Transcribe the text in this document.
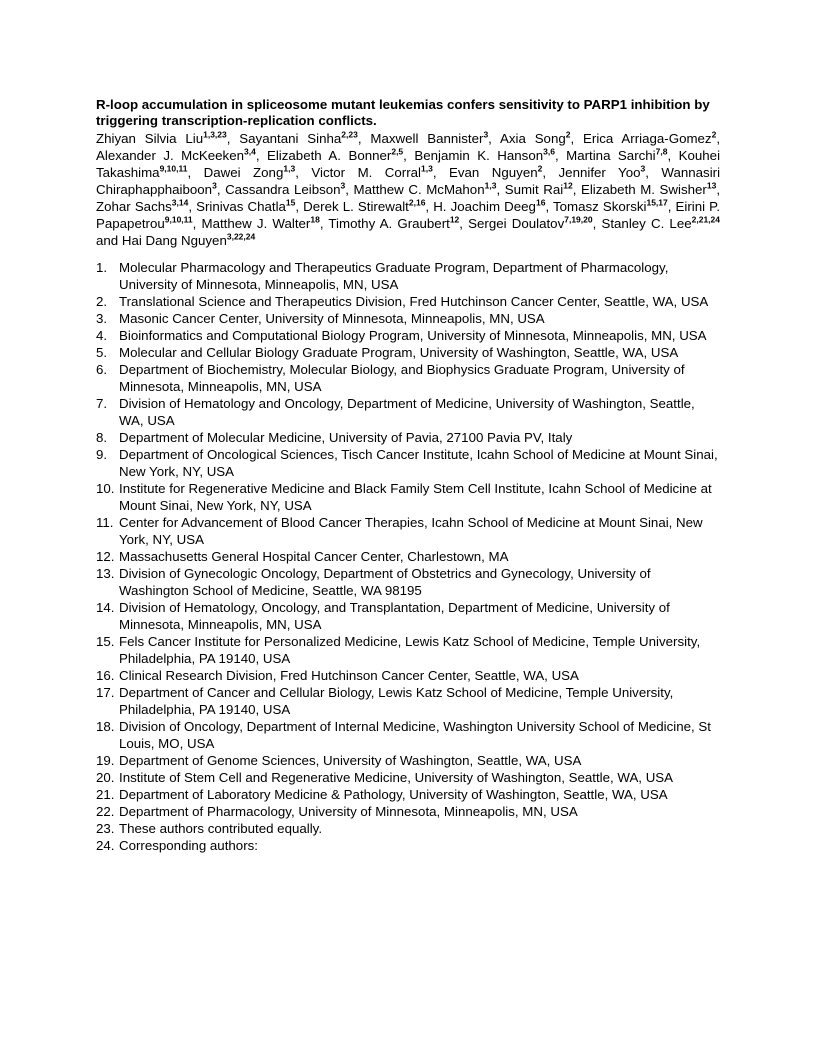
R-loop accumulation in spliceosome mutant leukemias confers sensitivity to PARP1 inhibition by triggering transcription-replication conflicts.

Zhiyan Silvia Liu$^{1,3,23}$, Sayantani Sinha$^{2,23}$, Maxwell Bannister$^3$, Axia Song$^2$, Erica Arriaga-Gomez$^2$, Alexander J. McKeeken$^{3,4}$, Elizabeth A. Bonner$^{2,5}$, Benjamin K. Hanson$^{3,6}$, Martina Sarchi$^{7,8}$, Kouhei Takashima$^{9,10,11}$, Dawei Zong$^{1,3}$, Victor M. Corral$^{1,3}$, Evan Nguyen$^2$, Jennifer Yoo$^3$, Wannasiri Chiraphapphaiboon$^3$, Cassandra Leibson$^3$, Matthew C. McMahon$^{1,3}$, Sumit Rai$^{12}$, Elizabeth M. Swisher$^{13}$, Zohar Sachs$^{3,14}$, Srinivas Chatla$^{15}$, Derek L. Stirewalt$^{2,16}$, H. Joachim Deeg$^{16}$, Tomasz Skorski$^{15,17}$, Eirini P. Papapetrou$^{9,10,11}$, Matthew J. Walter$^{18}$, Timothy A. Graubert$^{12}$, Sergei Doulatov$^{7,19,20}$, Stanley C. Lee$^{2,21,24}$ and Hai Dang Nguyen$^{3,22,24}$

1. Molecular Pharmacology and Therapeutics Graduate Program, Department of Pharmacology, University of Minnesota, Minneapolis, MN, USA
2. Translational Science and Therapeutics Division, Fred Hutchinson Cancer Center, Seattle, WA, USA
3. Masonic Cancer Center, University of Minnesota, Minneapolis, MN, USA
4. Bioinformatics and Computational Biology Program, University of Minnesota, Minneapolis, MN, USA
5. Molecular and Cellular Biology Graduate Program, University of Washington, Seattle, WA, USA
6. Department of Biochemistry, Molecular Biology, and Biophysics Graduate Program, University of Minnesota, Minneapolis, MN, USA
7. Division of Hematology and Oncology, Department of Medicine, University of Washington, Seattle, WA, USA
8. Department of Molecular Medicine, University of Pavia, 27100 Pavia PV, Italy
9. Department of Oncological Sciences, Tisch Cancer Institute, Icahn School of Medicine at Mount Sinai, New York, NY, USA
10. Institute for Regenerative Medicine and Black Family Stem Cell Institute, Icahn School of Medicine at Mount Sinai, New York, NY, USA
11. Center for Advancement of Blood Cancer Therapies, Icahn School of Medicine at Mount Sinai, New York, NY, USA
12. Massachusetts General Hospital Cancer Center, Charlestown, MA
13. Division of Gynecologic Oncology, Department of Obstetrics and Gynecology, University of Washington School of Medicine, Seattle, WA 98195
14. Division of Hematology, Oncology, and Transplantation, Department of Medicine, University of Minnesota, Minneapolis, MN, USA
15. Fels Cancer Institute for Personalized Medicine, Lewis Katz School of Medicine, Temple University, Philadelphia, PA 19140, USA
16. Clinical Research Division, Fred Hutchinson Cancer Center, Seattle, WA, USA
17. Department of Cancer and Cellular Biology, Lewis Katz School of Medicine, Temple University, Philadelphia, PA 19140, USA
18. Division of Oncology, Department of Internal Medicine, Washington University School of Medicine, St Louis, MO, USA
19. Department of Genome Sciences, University of Washington, Seattle, WA, USA
20. Institute of Stem Cell and Regenerative Medicine, University of Washington, Seattle, WA, USA
21. Department of Laboratory Medicine & Pathology, University of Washington, Seattle, WA, USA
22. Department of Pharmacology, University of Minnesota, Minneapolis, MN, USA
23. These authors contributed equally.
24. Corresponding authors:
